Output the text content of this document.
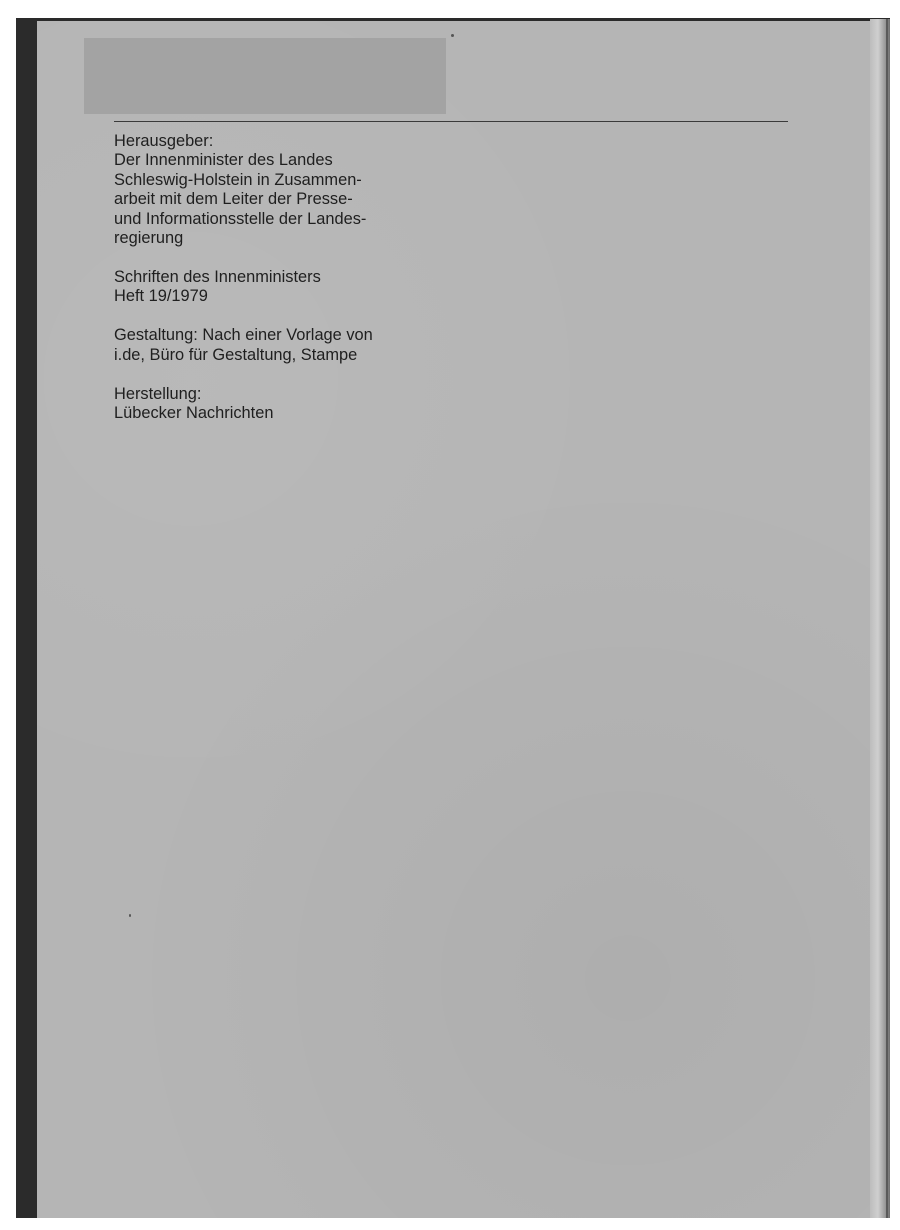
Herausgeber:

Der Innenminister des Landes

Schleswig-Holstein in Zusammen-

arbeit mit dem Leiter der Presse-

und Informationsstelle der Landes-

regierung

Schriften des Innenministers

Heft 19/1979

Gestaltung: Nach einer Vorlage von

i.de, Büro für Gestaltung, Stampe

Herstellung:

Lübecker Nachrichten
